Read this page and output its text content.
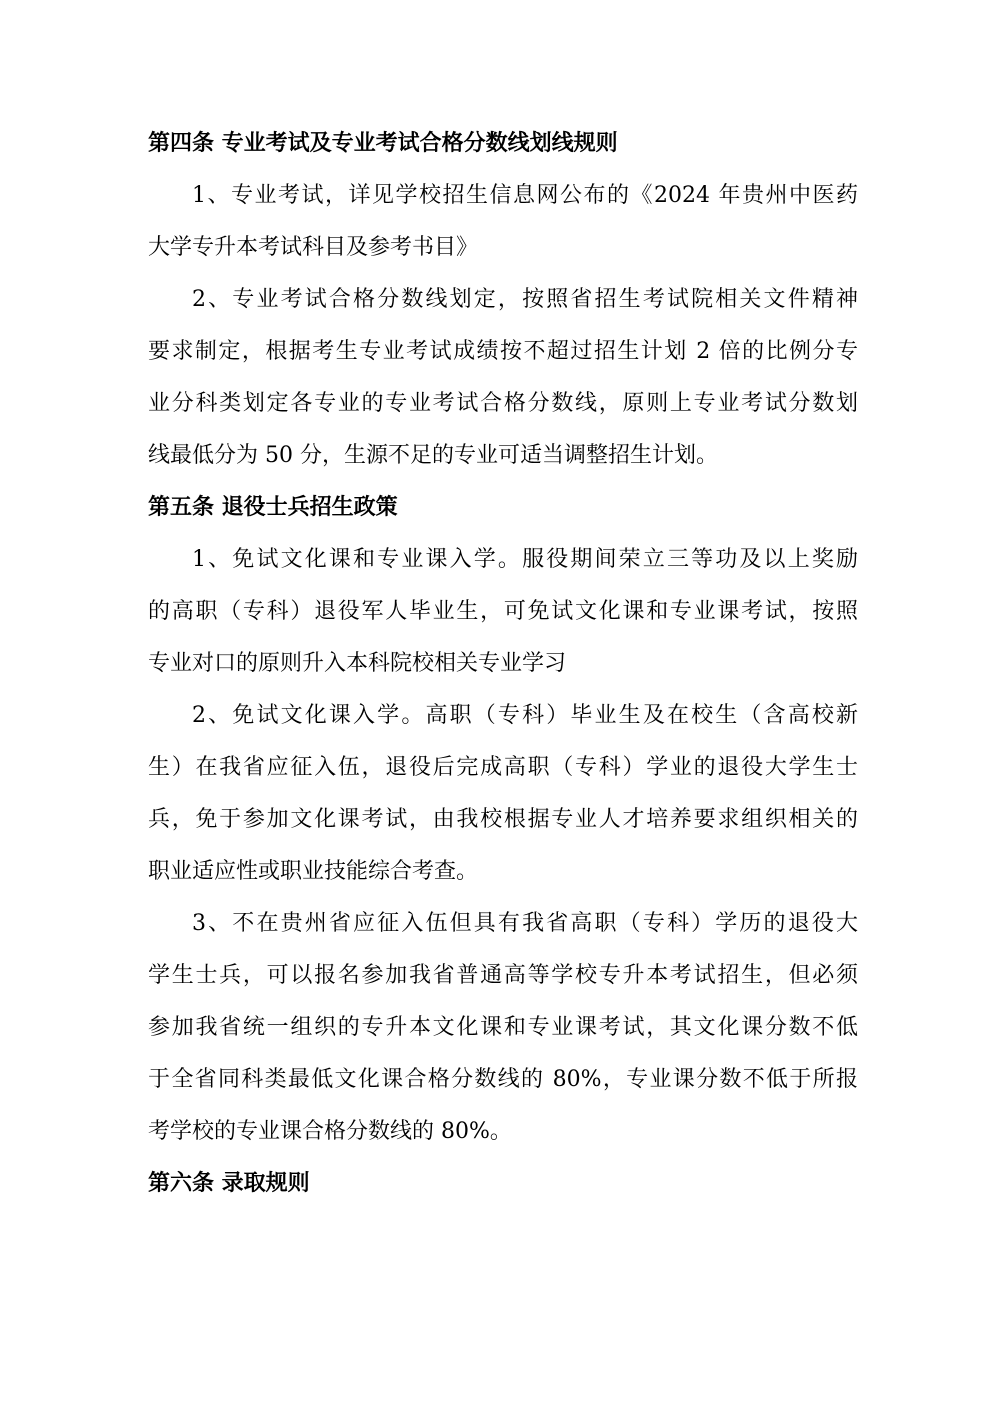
第四条 专业考试及专业考试合格分数线划线规则

1、专业考试，详见学校招生信息网公布的《2024 年贵州中医药
大学专升本考试科目及参考书目》

2、专业考试合格分数线划定，按照省招生考试院相关文件精神
要求制定，根据考生专业考试成绩按不超过招生计划 2 倍的比例分专
业分科类划定各专业的专业考试合格分数线，原则上专业考试分数划
线最低分为 50 分，生源不足的专业可适当调整招生计划。

第五条 退役士兵招生政策

1、免试文化课和专业课入学。服役期间荣立三等功及以上奖励
的高职（专科）退役军人毕业生，可免试文化课和专业课考试，按照
专业对口的原则升入本科院校相关专业学习

2、免试文化课入学。高职（专科）毕业生及在校生（含高校新
生）在我省应征入伍，退役后完成高职（专科）学业的退役大学生士
兵，免于参加文化课考试，由我校根据专业人才培养要求组织相关的
职业适应性或职业技能综合考查。

3、不在贵州省应征入伍但具有我省高职（专科）学历的退役大
学生士兵，可以报名参加我省普通高等学校专升本考试招生，但必须
参加我省统一组织的专升本文化课和专业课考试，其文化课分数不低
于全省同科类最低文化课合格分数线的 80%，专业课分数不低于所报
考学校的专业课合格分数线的 80%。

第六条 录取规则
